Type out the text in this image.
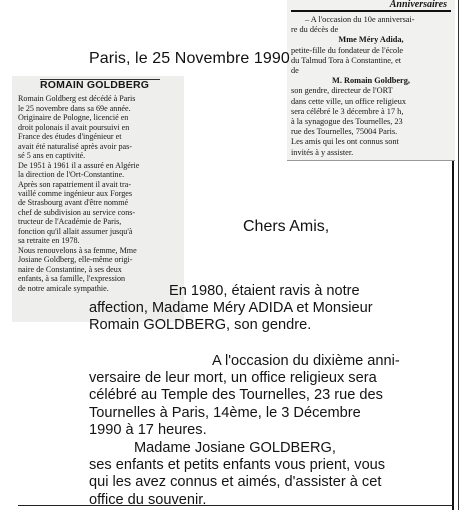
Anniversaires

– A l'occasion du 10e anniversai-

re du décès de

Mme Méry Adida,

petite-fille du fondateur de l'école

du Talmud Tora à Constantine, et

de

M. Romain Goldberg,

son gendre, directeur de l'ORT

dans cette ville, un office religieux

sera célébré le 3 décembre à 17 h,

à la synagogue des Tournelles, 23

rue des Tournelles, 75004 Paris.

Les amis qui les ont connus sont

invités à y assister.

Paris, le 25 Novembre 1990
ROMAIN GOLDBERG
Romain Goldberg est décédé à Paris
le 25 novembre dans sa 69e année.
Originaire de Pologne, licencié en
droit polonais il avait poursuivi en
France des études d'ingénieur et
avait été naturalisé après avoir pas-
sé 5 ans en captivité.
De 1951 à 1961 il a assuré en Algérie
la direction de l'Ort-Constantine.
Après son rapatriement il avait tra-
vaillé comme ingénieur aux Forges
de Strasbourg avant d'être nommé
chef de subdivision au service cons-
tructeur de l'Académie de Paris,
fonction qu'il allait assumer jusqu'à
sa retraite en 1978.
Nous renouvelons à sa femme, Mme
Josiane Goldberg, elle-même origi-
naire de Constantine, à ses deux
enfants, à sa famille, l'expression
de notre amicale sympathie.
Chers Amis,
En 1980, étaient ravis à notre
affection, Madame Méry ADIDA et Monsieur
Romain GOLDBERG, son gendre.
A l'occasion du dixième anni-
versaire de leur mort, un office religieux sera
célébré au Temple des Tournelles, 23 rue des
Tournelles à Paris, 14ème, le 3 Décembre
1990 à 17 heures.
Madame Josiane GOLDBERG,
ses enfants et petits enfants vous prient, vous
qui les avez connus et aimés, d'assister à cet
office du souvenir.
